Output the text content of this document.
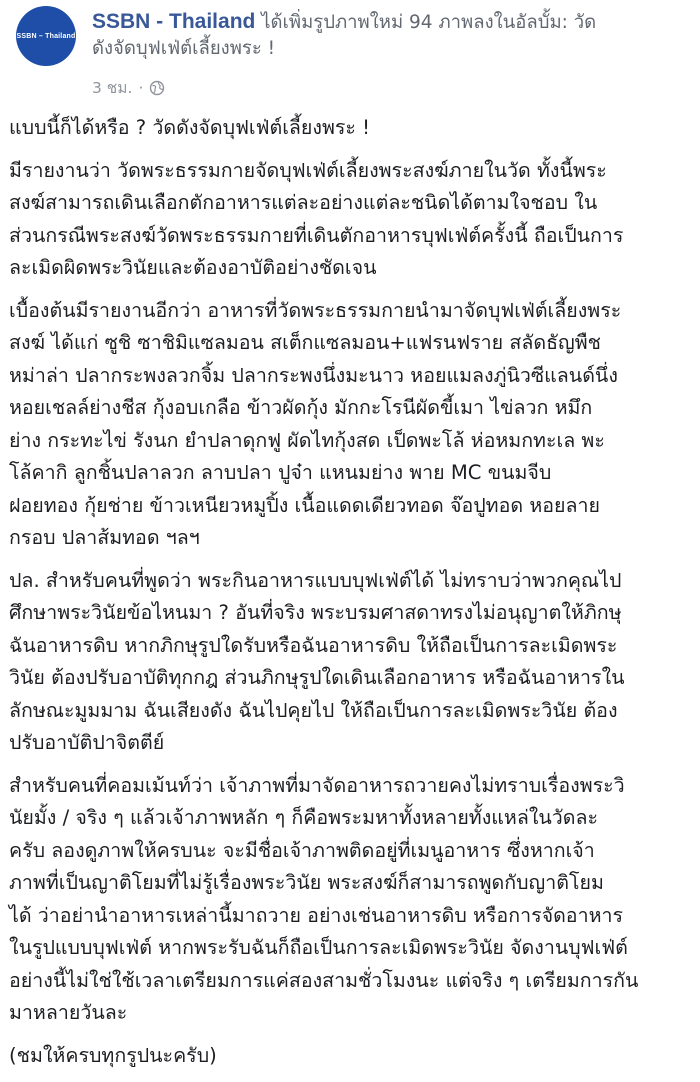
SSBN – Thailand
SSBN - Thailand ได้เพิ่มรูปภาพใหม่ 94 ภาพลงในอัลบั้ม: วัด
ดังจัดบุฟเฟ่ต์เลี้ยงพระ !
3 ชม. ·
แบบนี้ก็ได้หรือ ? วัดดังจัดบุฟเฟ่ต์เลี้ยงพระ !
มีรายงานว่า วัดพระธรรมกายจัดบุฟเฟ่ต์เลี้ยงพระสงฆ์ภายในวัด ทั้งนี้พระ
สงฆ์สามารถเดินเลือกตักอาหารแต่ละอย่างแต่ละชนิดได้ตามใจชอบ ใน
ส่วนกรณีพระสงฆ์วัดพระธรรมกายที่เดินตักอาหารบุฟเฟ่ต์ครั้งนี้ ถือเป็นการ
ละเมิดผิดพระวินัยและต้องอาบัติอย่างชัดเจน
เบื้องต้นมีรายงานอีกว่า อาหารที่วัดพระธรรมกายนำมาจัดบุฟเฟ่ต์เลี้ยงพระ
สงฆ์ ได้แก่ ซูชิ ซาชิมิแซลมอน สเต็กแซลมอน+แฟรนฟราย สลัดธัญพืช
หม่าล่า ปลากระพงลวกจิ้ม ปลากระพงนึ่งมะนาว หอยแมลงภู่นิวซีแลนด์นึ่ง
หอยเชลล์ย่างชีส กุ้งอบเกลือ ข้าวผัดกุ้ง มักกะโรนีผัดขี้เมา ไข่ลวก หมึก
ย่าง กระทะไข่ รังนก ยำปลาดุกฟู ผัดไทกุ้งสด เป็ดพะโล้ ห่อหมกทะเล พะ
โล้คากิ ลูกชิ้นปลาลวก ลาบปลา ปูจ๋า แหนมย่าง พาย MC ขนมจีบ
ฝอยทอง กุ้ยช่าย ข้าวเหนียวหมูปิ้ง เนื้อแดดเดียวทอด จ๊อปูทอด หอยลาย
กรอบ ปลาส้มทอด ฯลฯ
ปล. สำหรับคนที่พูดว่า พระกินอาหารแบบบุฟเฟ่ต์ได้ ไม่ทราบว่าพวกคุณไป
ศึกษาพระวินัยข้อไหนมา ? อันที่จริง พระบรมศาสดาทรงไม่อนุญาตให้ภิกษุ
ฉันอาหารดิบ หากภิกษุรูปใดรับหรือฉันอาหารดิบ ให้ถือเป็นการละเมิดพระ
วินัย ต้องปรับอาบัติทุกกฎ ส่วนภิกษุรูปใดเดินเลือกอาหาร หรือฉันอาหารใน
ลักษณะมูมมาม ฉันเสียงดัง ฉันไปคุยไป ให้ถือเป็นการละเมิดพระวินัย ต้อง
ปรับอาบัติปาจิตตีย์
สำหรับคนที่คอมเม้นท์ว่า เจ้าภาพที่มาจัดอาหารถวายคงไม่ทราบเรื่องพระวิ
นัยมั้ง / จริง ๆ แล้วเจ้าภาพหลัก ๆ ก็คือพระมหาทั้งหลายทั้งแหล่ในวัดละ
ครับ ลองดูภาพให้ครบนะ จะมีชื่อเจ้าภาพติดอยู่ที่เมนูอาหาร ซึ่งหากเจ้า
ภาพที่เป็นญาติโยมที่ไม่รู้เรื่องพระวินัย พระสงฆ์ก็สามารถพูดกับญาติโยม
ได้ ว่าอย่านำอาหารเหล่านี้มาถวาย อย่างเช่นอาหารดิบ หรือการจัดอาหาร
ในรูปแบบบุฟเฟ่ต์ หากพระรับฉันก็ถือเป็นการละเมิดพระวินัย จัดงานบุฟเฟ่ต์
อย่างนี้ไม่ใช่ใช้เวลาเตรียมการแค่สองสามชั่วโมงนะ แต่จริง ๆ เตรียมการกัน
มาหลายวันละ
(ชมให้ครบทุกรูปนะครับ)
